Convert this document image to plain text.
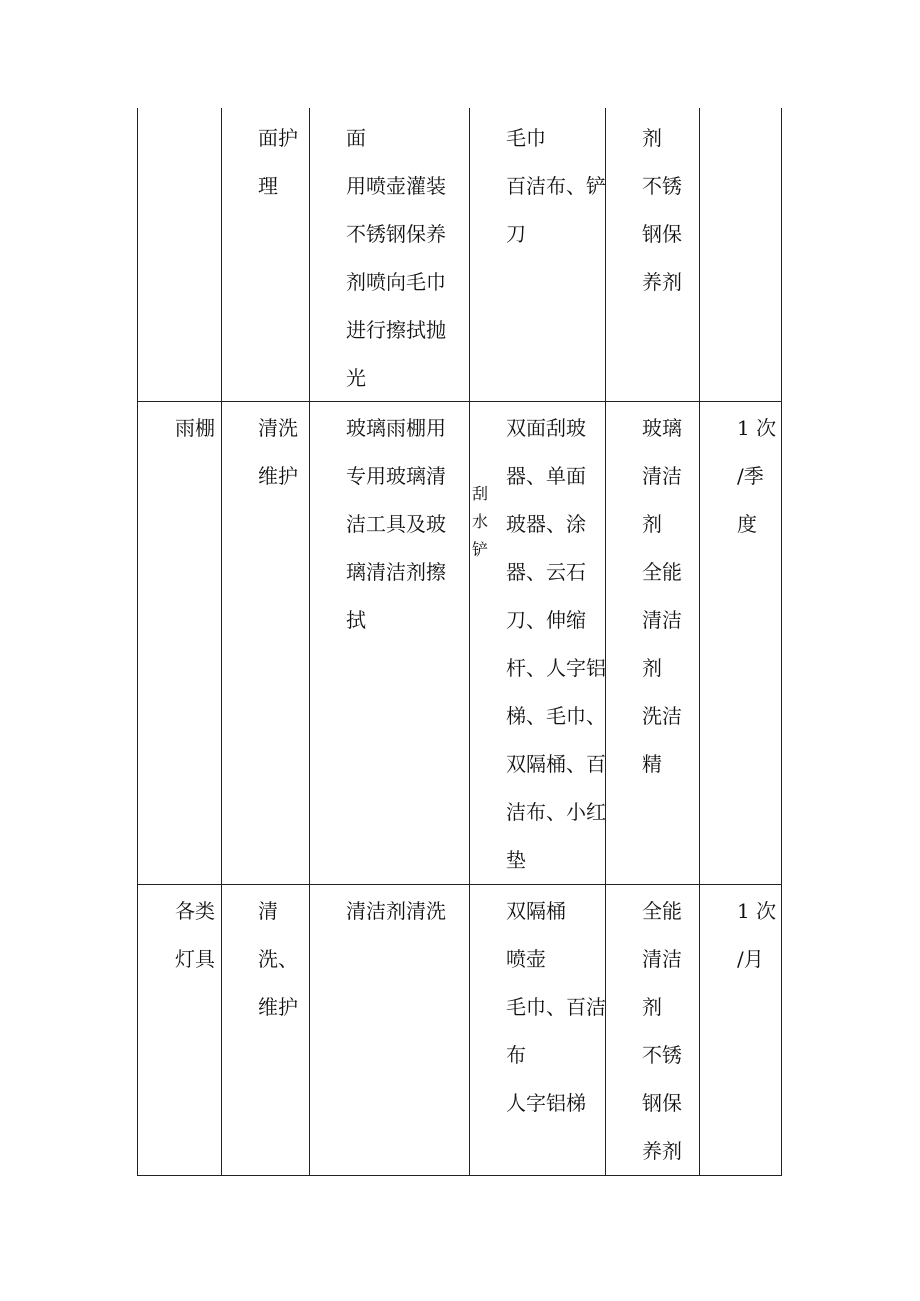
面护
理
面
用喷壶灌装
不锈钢保养
剂喷向毛巾
进行擦拭抛
光
毛巾
百洁布、铲
刀
剂
不锈
钢保
养剂
雨棚 清洗
维护
玻璃雨棚用
专用玻璃清
洁工具及玻
璃清洁剂擦
拭
刮
水
铲
双面刮玻
器、单面
玻器、涂
器、云石
刀、伸缩
杆、人字铝
梯、毛巾、
双隔桶、百
洁布、小红
垫
玻璃
清洁
剂
全能
清洁
剂
洗洁
精
1 次
/季
度
各类
灯具
清
洗、
维护
清洁剂清洗	双隔桶
喷壶
毛巾、百洁
布
人字铝梯
全能
清洁
剂
不锈
钢保
养剂
1 次
/月
